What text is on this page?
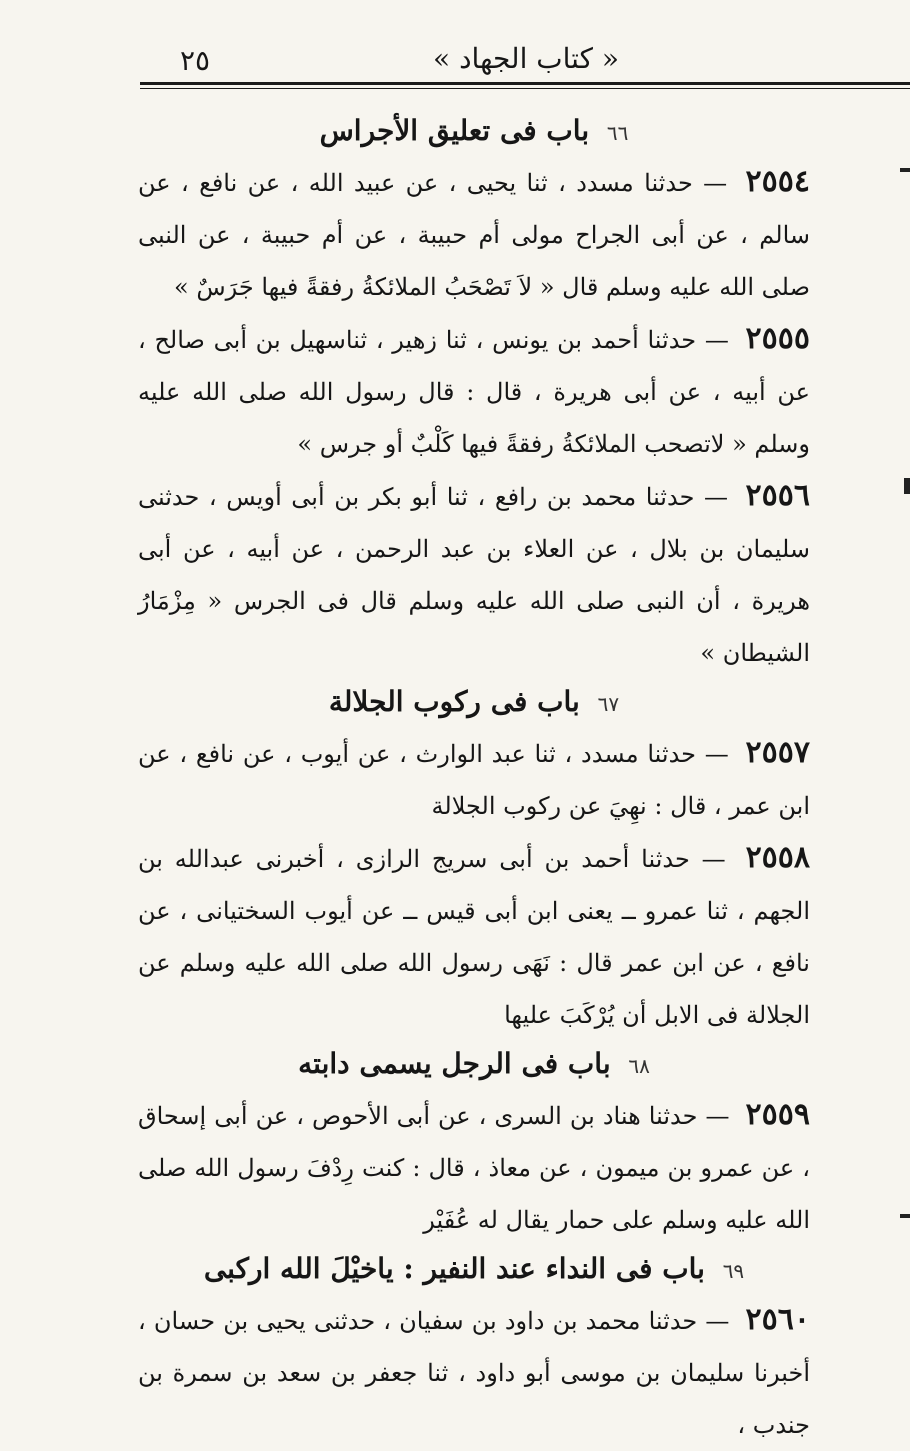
٢٥	« كتاب الجهاد »
٦٦ باب فى تعليق الأجراس

٢٥٥٤ — حدثنا مسدد ، ثنا يحيى ، عن عبيد الله ، عن نافع ، عن سالم ، عن أبى الجراح مولى أم حبيبة ، عن أم حبيبة ، عن النبى صلى الله عليه وسلم قال « لاَ تَصْحَبُ الملائكةُ رفقةً فيها جَرَسٌ »

٢٥٥٥ — حدثنا أحمد بن يونس ، ثنا زهير ، ثناسهيل بن أبى صالح ، عن أبيه ، عن أبى هريرة ، قال : قال رسول الله صلى الله عليه وسلم « لاتصحب الملائكةُ رفقةً فيها كَلْبٌ أو جرس »

٢٥٥٦ — حدثنا محمد بن رافع ، ثنا أبو بكر بن أبى أويس ، حدثنى سليمان بن بلال ، عن العلاء بن عبد الرحمن ، عن أبيه ، عن أبى هريرة ، أن النبى صلى الله عليه وسلم قال فى الجرس « مِزْمَارُ الشيطان »

٦٧ باب فى ركوب الجلالة

٢٥٥٧ — حدثنا مسدد ، ثنا عبد الوارث ، عن أيوب ، عن نافع ، عن ابن عمر ، قال : نهِيَ عن ركوب الجلالة

٢٥٥٨ — حدثنا أحمد بن أبى سريج الرازى ، أخبرنى عبدالله بن الجهم ، ثنا عمرو ــ يعنى ابن أبى قيس ــ عن أيوب السختيانى ، عن نافع ، عن ابن عمر قال : نَهَى رسول الله صلى الله عليه وسلم عن الجلالة فى الابل أن يُرْكَبَ عليها

٦٨ باب فى الرجل يسمى دابته

٢٥٥٩ — حدثنا هناد بن السرى ، عن أبى الأحوص ، عن أبى إسحاق ، عن عمرو بن ميمون ، عن معاذ ، قال : كنت رِدْفَ رسول الله صلى الله عليه وسلم على حمار يقال له عُفَيْر

٦٩ باب فى النداء عند النفير : ياخيْلَ الله اركبى

٢٥٦٠ — حدثنا محمد بن داود بن سفيان ، حدثنى يحيى بن حسان ، أخبرنا سليمان بن موسى أبو داود ، ثنا جعفر بن سعد بن سمرة بن جندب ،
